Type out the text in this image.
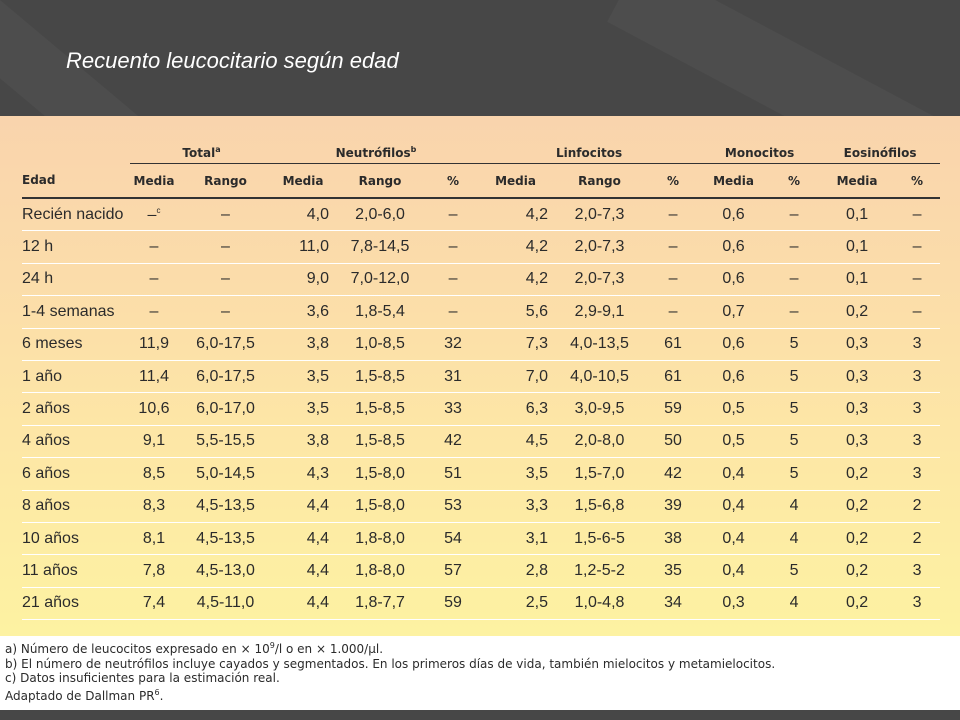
Recuento leucocitario según edad
	Total$^a$		Neutrófilos$^b$			Linfocitos			Monocitos		Eosinófilos	

Edad	Media	Rango	Media	Rango	%	Media	Rango	%	Media	%	Media	%
Recién nacido	–$^c$	–	4,0	2,0-6,0	–	4,2	2,0-7,3	–	0,6	–	0,1	–
12 h	–	–	11,0	7,8-14,5	–	4,2	2,0-7,3	–	0,6	–	0,1	–
24 h	–	–	9,0	7,0-12,0	–	4,2	2,0-7,3	–	0,6	–	0,1	–
1-4 semanas	–	–	3,6	1,8-5,4	–	5,6	2,9-9,1	–	0,7	–	0,2	–
6 meses	11,9	6,0-17,5	3,8	1,0-8,5	32	7,3	4,0-13,5	61	0,6	5	0,3	3
1 año	11,4	6,0-17,5	3,5	1,5-8,5	31	7,0	4,0-10,5	61	0,6	5	0,3	3
2 años	10,6	6,0-17,0	3,5	1,5-8,5	33	6,3	3,0-9,5	59	0,5	5	0,3	3
4 años	9,1	5,5-15,5	3,8	1,5-8,5	42	4,5	2,0-8,0	50	0,5	5	0,3	3
6 años	8,5	5,0-14,5	4,3	1,5-8,0	51	3,5	1,5-7,0	42	0,4	5	0,2	3
8 años	8,3	4,5-13,5	4,4	1,5-8,0	53	3,3	1,5-6,8	39	0,4	4	0,2	2
10 años	8,1	4,5-13,5	4,4	1,8-8,0	54	3,1	1,5-6-5	38	0,4	4	0,2	2
11 años	7,8	4,5-13,0	4,4	1,8-8,0	57	2,8	1,2-5-2	35	0,4	5	0,2	3
21 años	7,4	4,5-11,0	4,4	1,8-7,7	59	2,5	1,0-4,8	34	0,3	4	0,2	3
a) Número de leucocitos expresado en × $10^9/l$ o en × 1.000/µl.
b) El número de neutrófilos incluye cayados y segmentados. En los primeros días de vida, también mielocitos y metamielocitos.
c) Datos insuficientes para la estimación real.
Adaptado de Dallman $PR^6$.
